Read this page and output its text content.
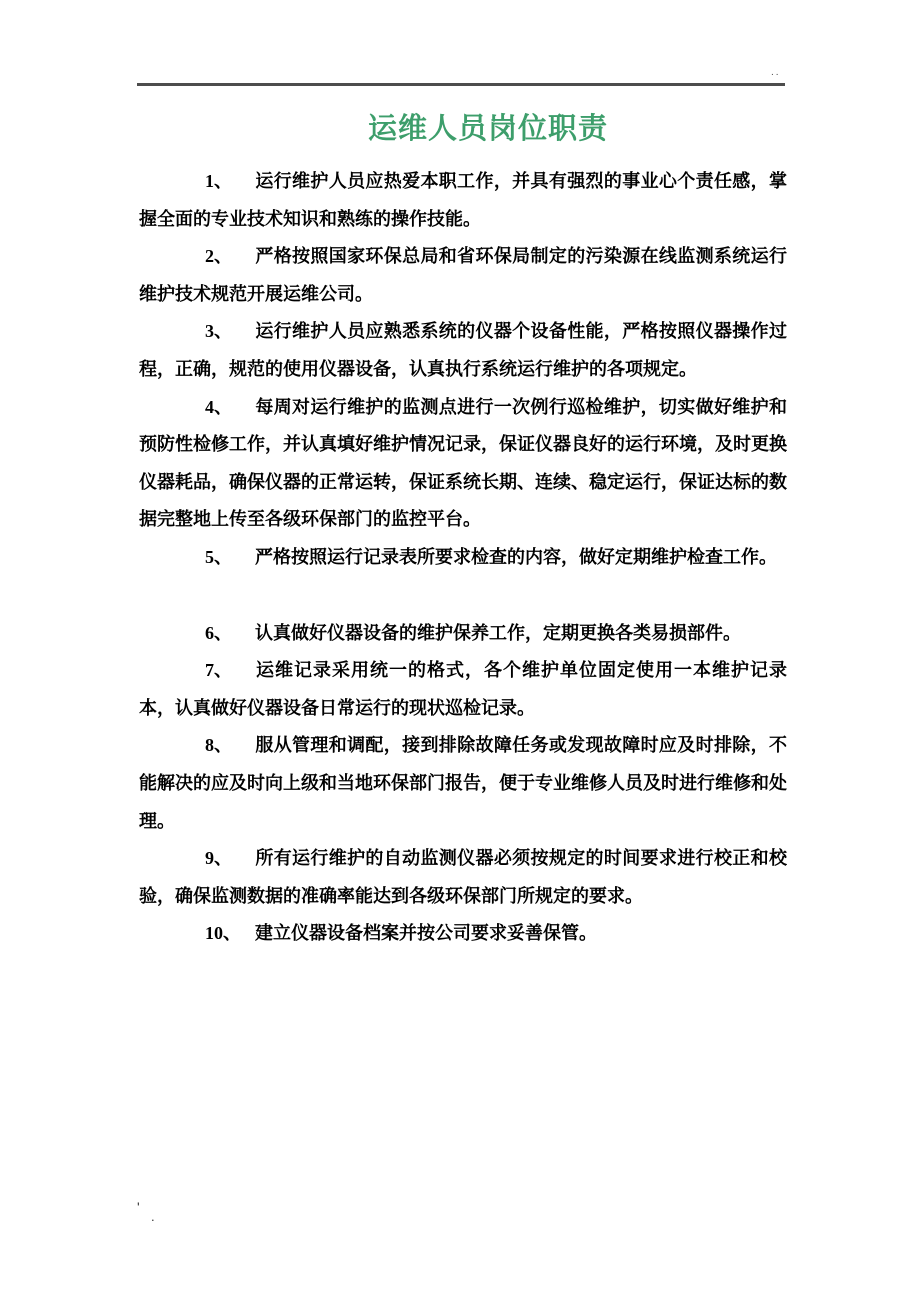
..
运维人员岗位职责

1、 运行维护人员应热爱本职工作，并具有强烈的事业心个责任感，掌握全面的专业技术知识和熟练的操作技能。

2、 严格按照国家环保总局和省环保局制定的污染源在线监测系统运行维护技术规范开展运维公司。

3、 运行维护人员应熟悉系统的仪器个设备性能，严格按照仪器操作过程，正确，规范的使用仪器设备，认真执行系统运行维护的各项规定。

4、 每周对运行维护的监测点进行一次例行巡检维护，切实做好维护和预防性检修工作，并认真填好维护情况记录，保证仪器良好的运行环境，及时更换仪器耗品，确保仪器的正常运转，保证系统长期、连续、稳定运行，保证达标的数据完整地上传至各级环保部门的监控平台。

5、 严格按照运行记录表所要求检查的内容，做好定期维护检查工作。

6、 认真做好仪器设备的维护保养工作，定期更换各类易损部件。

7、 运维记录采用统一的格式，各个维护单位固定使用一本维护记录本，认真做好仪器设备日常运行的现状巡检记录。

8、 服从管理和调配，接到排除故障任务或发现故障时应及时排除，不能解决的应及时向上级和当地环保部门报告，便于专业维修人员及时进行维修和处理。

9、 所有运行维护的自动监测仪器必须按规定的时间要求进行校正和校验，确保监测数据的准确率能达到各级环保部门所规定的要求。

10、 建立仪器设备档案并按公司要求妥善保管。

'
.
